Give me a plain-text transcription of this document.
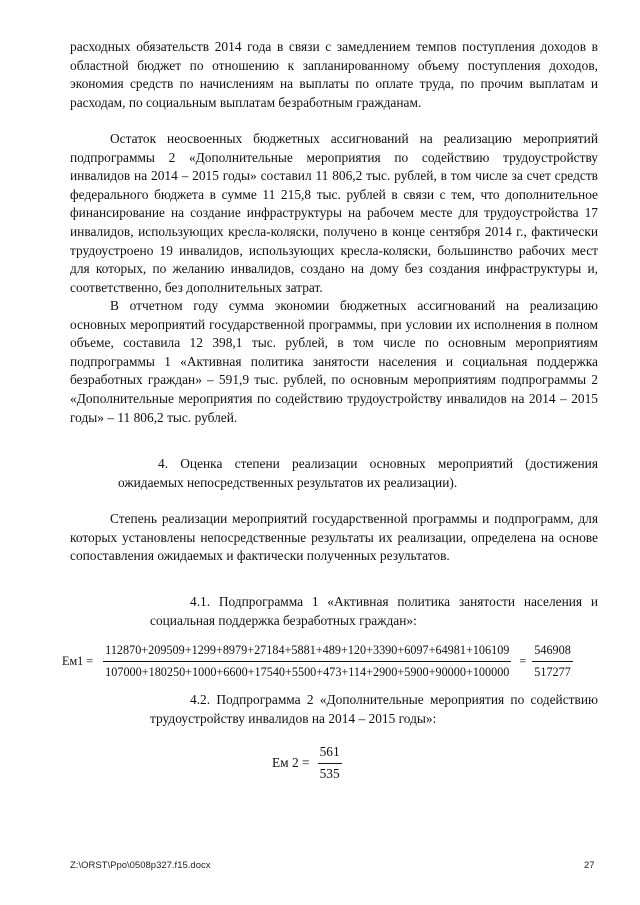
расходных обязательств 2014 года в связи с замедлением темпов поступления доходов в областной бюджет по отношению к запланированному объему поступления доходов, экономия средств по начислениям на выплаты по оплате труда, по прочим выплатам и расходам, по социальным выплатам безработным гражданам.

Остаток неосвоенных бюджетных ассигнований на реализацию мероприятий подпрограммы 2 «Дополнительные мероприятия по содействию трудоустройству инвалидов на 2014 – 2015 годы» составил 11 806,2 тыс. рублей, в том числе за счет средств федерального бюджета в сумме 11 215,8 тыс. рублей в связи с тем, что дополнительное финансирование на создание инфраструктуры на рабочем месте для трудоустройства 17 инвалидов, использующих кресла-коляски, получено в конце сентября 2014 г., фактически трудоустроено 19 инвалидов, использующих кресла-коляски, большинство рабочих мест для которых, по желанию инвалидов, создано на дому без создания инфраструктуры и, соответственно, без дополнительных затрат.

В отчетном году сумма экономии бюджетных ассигнований на реализацию основных мероприятий государственной программы, при условии их исполнения в полном объеме, составила 12 398,1 тыс. рублей, в том числе по основным мероприятиям подпрограммы 1 «Активная политика занятости населения и социальная поддержка безработных граждан» – 591,9 тыс. рублей, по основным мероприятиям подпрограммы 2 «Дополнительные мероприятия по содействию трудоустройству инвалидов на 2014 – 2015 годы» – 11 806,2 тыс. рублей.

4. Оценка степени реализации основных мероприятий (достижения ожидаемых непосредственных результатов их реализации).

Степень реализации мероприятий государственной программы и подпрограмм, для которых установлены непосредственные результаты их реализации, определена на основе сопоставления ожидаемых и фактически полученных результатов.

4.1. Подпрограмма 1 «Активная политика занятости населения и социальная поддержка безработных граждан»:

Ем1 =
112870+209509+1299+8979+27184+5881+489+120+3390+6097+64981+106109
107000+180250+1000+6600+17540+5500+473+114+2900+5900+90000+100000
= $\frac{546908}{517277}$

4.2. Подпрограмма 2 «Дополнительные мероприятия по содействию трудоустройству инвалидов на 2014 – 2015 годы»:

Ем $2 = \frac{561}{535}$
Z:\ORST\Ppo\0508p327.f15.docx	27
